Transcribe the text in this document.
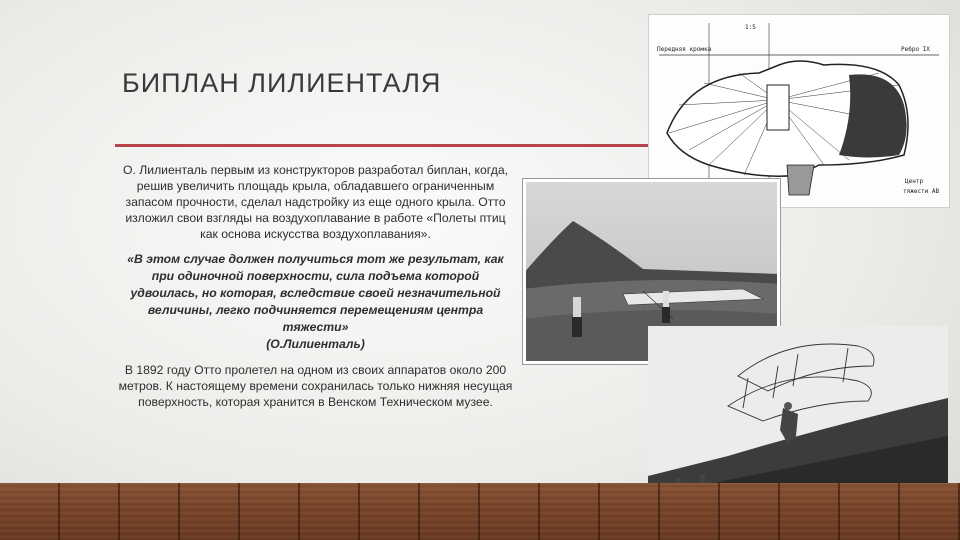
БИПЛАН ЛИЛИЕНТАЛЯ

О. Лилиенталь первым из конструкторов разработал биплан, когда, решив увеличить площадь крыла, обладавшего ограниченным запасом прочности, сделал надстройку из еще одного крыла. Отто изложил свои взгляды на воздухоплавание в работе «Полеты птиц как основа искусства воздухоплавания».

«В этом случае должен получиться тот же результат, как при одиночной поверхности, сила подъема которой удвоилась, но которая, вследствие своей незначительной величины, легко подчиняется перемещениям центра тяжести»
(О.Лилиенталь)

В 1892 году Отто пролетел на одном из своих аппаратов около 200 метров. К настоящему времени сохранилась только нижняя несущая поверхность, которая хранится в Венском Техническом музее.

Передняя кромка
1:5
Ребро IX
Центр
тяжести АВ
